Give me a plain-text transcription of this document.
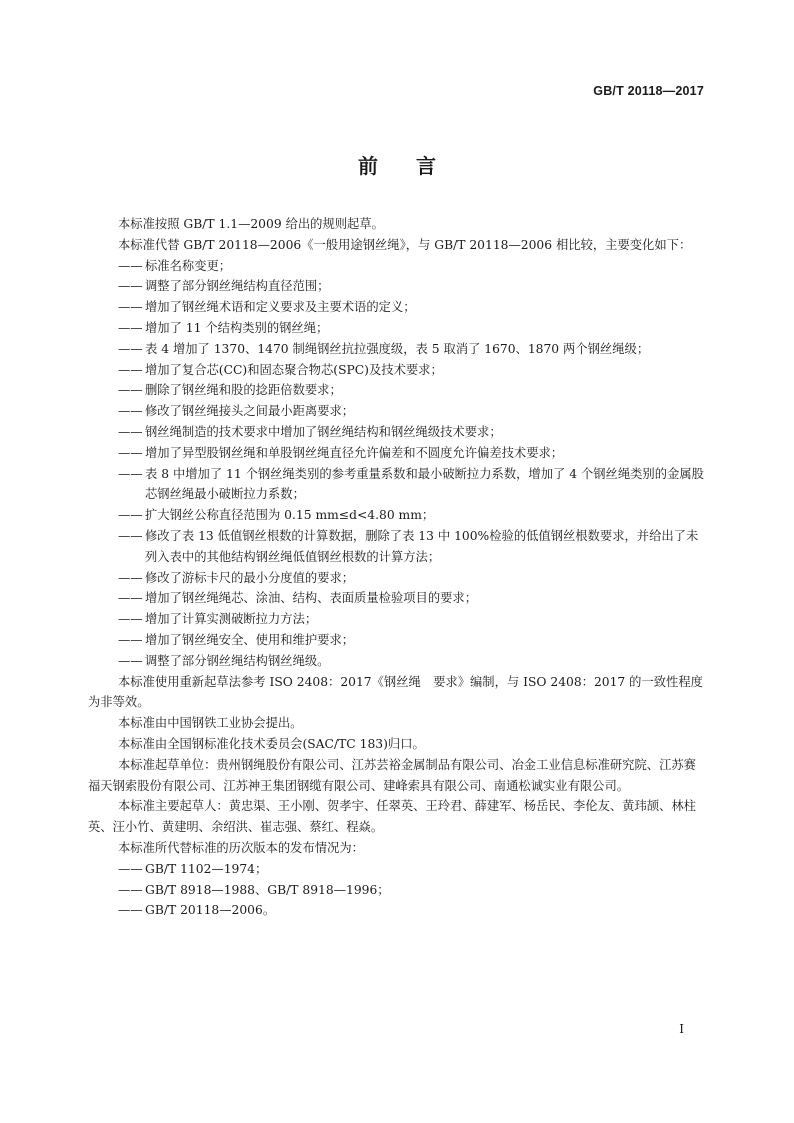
GB/T 20118—2017
前言

本标准按照 GB/T 1.1—2009 给出的规则起草。

本标准代替 GB/T 20118—2006《一般用途钢丝绳》，与 GB/T 20118—2006 相比较，主要变化如下：

—— 标准名称变更；
—— 调整了部分钢丝绳结构直径范围；
—— 增加了钢丝绳术语和定义要求及主要术语的定义；
—— 增加了 11 个结构类别的钢丝绳；
—— 表 4 增加了 1370、1470 制绳钢丝抗拉强度级，表 5 取消了 1670、1870 两个钢丝绳级；
—— 增加了复合芯(CC)和固态聚合物芯(SPC)及技术要求；
—— 删除了钢丝绳和股的捻距倍数要求；
—— 修改了钢丝绳接头之间最小距离要求；
—— 钢丝绳制造的技术要求中增加了钢丝绳结构和钢丝绳级技术要求；
—— 增加了异型股钢丝绳和单股钢丝绳直径允许偏差和不圆度允许偏差技术要求；
—— 表 8 中增加了 11 个钢丝绳类别的参考重量系数和最小破断拉力系数，增加了 4 个钢丝绳类别的金属股芯钢丝绳最小破断拉力系数；
—— 扩大钢丝公称直径范围为 0.15 mm≤d<4.80 mm；
—— 修改了表 13 低值钢丝根数的计算数据，删除了表 13 中 100%检验的低值钢丝根数要求，并给出了未列入表中的其他结构钢丝绳低值钢丝根数的计算方法；
—— 修改了游标卡尺的最小分度值的要求；
—— 增加了钢丝绳绳芯、涂油、结构、表面质量检验项目的要求；
—— 增加了计算实测破断拉力方法；
—— 增加了钢丝绳安全、使用和维护要求；
—— 调整了部分钢丝绳结构钢丝绳级。
本标准使用重新起草法参考 ISO 2408：2017《钢丝绳　要求》编制，与 ISO 2408：2017 的一致性程度为非等效。

本标准由中国钢铁工业协会提出。

本标准由全国钢标准化技术委员会(SAC/TC 183)归口。

本标准起草单位：贵州钢绳股份有限公司、江苏芸裕金属制品有限公司、冶金工业信息标准研究院、江苏赛福天钢索股份有限公司、江苏神王集团钢缆有限公司、建峰索具有限公司、南通松诚实业有限公司。
本标准主要起草人：黄忠渠、王小刚、贺孝宇、任翠英、王玲君、薛建军、杨岳民、李伦友、黄玮颉、林柱英、汪小竹、黄建明、余绍洪、崔志强、蔡红、程焱。

本标准所代替标准的历次版本的发布情况为：

—— GB/T 1102—1974；
—— GB/T 8918—1988、GB/T 8918—1996；
—— GB/T 20118—2006。
I
